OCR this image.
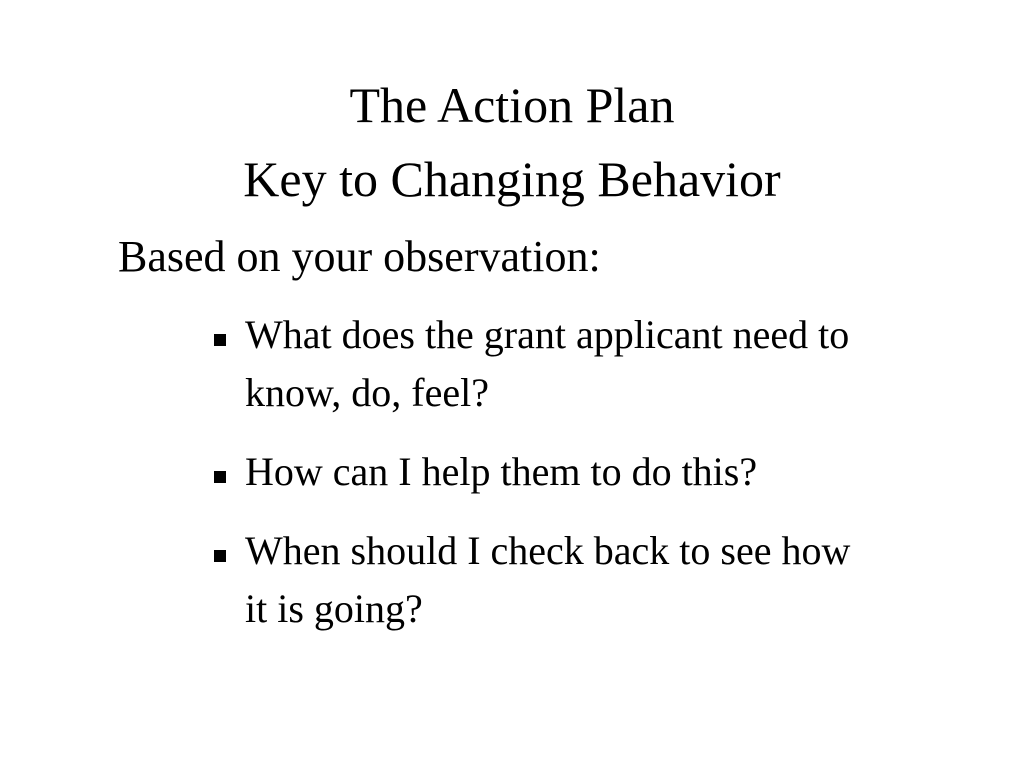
The Action Plan
Key to Changing Behavior
Based on your observation:
What does the grant applicant need to know, do, feel?
How can I help them to do this?
When should I check back to see how it is going?
